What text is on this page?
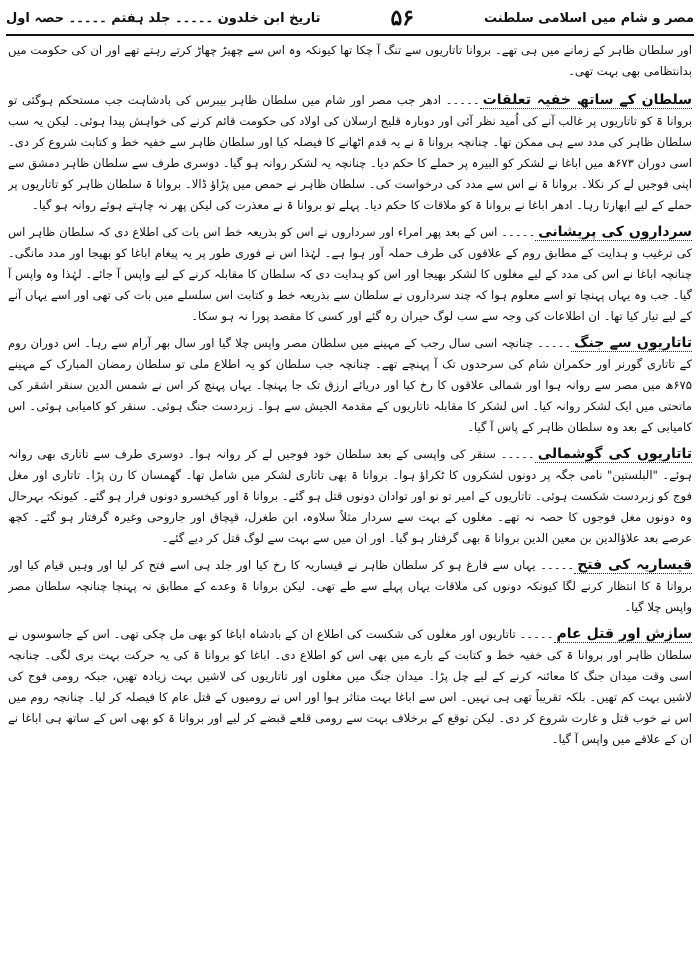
تاریخ ابن خلدون ۔۔۔۔۔ جلد ہفتم ۔۔۔۔۔ حصہ اول	۵۶	مصر و شام میں اسلامی سلطنت

اور سلطان ظاہر کے زمانے میں ہی تھے۔ بروانا تاتاریوں سے تنگ آ چکا تھا کیونکہ وہ اس سے چھیڑ چھاڑ کرتے رہتے تھے اور ان کی حکومت میں بدانتظامی بھی بہت تھی۔

سلطان کے ساتھ خفیہ تعلقات۔۔۔۔۔ ادھر جب مصر اور شام میں سلطان ظاہر بیبرس کی بادشاہت جب مستحکم ہوگئی تو بروانا ۃ کو تاتاریوں پر غالب آنے کی اُمید نظر آئی اور دوبارہ قلیج ارسلان کی اولاد کی حکومت قائم کرنے کی خواہش پیدا ہوئی۔ لیکن یہ سب سلطان ظاہر کی مدد سے ہی ممکن تھا۔ چنانچہ بروانا ۃ نے یہ قدم اٹھانے کا فیصلہ کیا اور سلطان ظاہر سے خفیہ خط و کتابت شروع کر دی۔ اسی دوران ۶۷۳ھ میں اباغا نے لشکر کو البیرہ پر حملے کا حکم دیا۔ چنانچہ یہ لشکر روانہ ہو گیا۔ دوسری طرف سے سلطان ظاہر دمشق سے اپنی فوجیں لے کر نکلا۔ بروانا ۃ نے اس سے مدد کی درخواست کی۔ سلطان ظاہر نے حمص میں پڑاؤ ڈالا۔ بروانا ۃ سلطان ظاہر کو تاتاریوں پر حملے کے لیے ابھارتا رہا۔ ادھر اباغا نے بروانا ۃ کو ملاقات کا حکم دیا۔ پہلے تو بروانا ۃ نے معذرت کی لیکن پھر نہ چاہتے ہوئے روانہ ہو گیا۔

سرداروں کی پریشانی۔۔۔۔۔ اس کے بعد پھر امراء اور سرداروں نے اس کو بذریعہ خط اس بات کی اطلاع دی کہ سلطان ظاہر اس کی ترغیب و ہدایت کے مطابق روم کے علاقوں کی طرف حملہ آور ہوا ہے۔ لہٰذا اس نے فوری طور پر یہ پیغام اباغا کو بھیجا اور مدد مانگی۔ چنانچہ اباغا نے اس کی مدد کے لیے مغلوں کا لشکر بھیجا اور اس کو ہدایت دی کہ سلطان کا مقابلہ کرنے کے لیے واپس آ جائے۔ لہٰذا وہ واپس آ گیا۔ جب وہ یہاں پہنچا تو اسے معلوم ہوا کہ چند سرداروں نے سلطان سے بذریعہ خط و کتابت اس سلسلے میں بات کی تھی اور اسے یہاں آنے کے لیے تیار کیا تھا۔ ان اطلاعات کی وجہ سے سب لوگ حیران رہ گئے اور کسی کا مقصد پورا نہ ہو سکا۔

تاتاریوں سے جنگ۔۔۔۔۔ چنانچہ اسی سال رجب کے مہینے میں سلطان مصر واپس چلا گیا اور سال بھر آرام سے رہا۔ اس دوران روم کے تاتاری گورنر اور حکمران شام کی سرحدوں تک آ پہنچے تھے۔ چنانچہ جب سلطان کو یہ اطلاع ملی تو سلطان رمضان المبارک کے مہینے ۶۷۵ھ میں مصر سے روانہ ہوا اور شمالی علاقوں کا رخ کیا اور دریائے ارزق تک جا پہنچا۔ یہاں پہنچ کر اس نے شمس الدین سنقر اشقر کی ماتحتی میں ایک لشکر روانہ کیا۔ اس لشکر کا مقابلہ تاتاریوں کے مقدمۃ الجیش سے ہوا۔ زبردست جنگ ہوئی۔ سنقر کو کامیابی ہوئی۔ اس کامیابی کے بعد وہ سلطان ظاہر کے پاس آ گیا۔

تاتاریوں کی گوشمالی۔۔۔۔۔ سنقر کی واپسی کے بعد سلطان خود فوجیں لے کر روانہ ہوا۔ دوسری طرف سے تاتاری بھی روانہ ہوئے۔ "البلستین" نامی جگہ پر دونوں لشکروں کا ٹکراؤ ہوا۔ بروانا ۃ بھی تاتاری لشکر میں شامل تھا۔ گھمسان کا رن پڑا۔ تاتاری اور مغل فوج کو زبردست شکست ہوئی۔ تاتاریوں کے امیر تو نو اور توادان دونوں قتل ہو گئے۔ بروانا ۃ اور کیخسرو دونوں فرار ہو گئے۔ کیونکہ بہرحال وہ دونوں مغل فوجوں کا حصہ نہ تھے۔ مغلوں کے بہت سے سردار مثلاً سلاوہ، ابن طغرل، قپچاق اور جاروحی وغیرہ گرفتار ہو گئے۔ کچھ عرصے بعد علاؤالدین بن معین الدین بروانا ۃ بھی گرفتار ہو گیا۔ اور ان میں سے بہت سے لوگ قتل کر دیے گئے۔

قیساریہ کی فتح۔۔۔۔۔ یہاں سے فارغ ہو کر سلطان ظاہر نے قیساریہ کا رخ کیا اور جلد ہی اسے فتح کر لیا اور وہیں قیام کیا اور بروانا ۃ کا انتظار کرنے لگا کیونکہ دونوں کی ملاقات یہاں پہلے سے طے تھی۔ لیکن بروانا ۃ وعدے کے مطابق نہ پہنچا چنانچہ سلطان مصر واپس چلا گیا۔

سازش اور قتل عام۔۔۔۔۔ تاتاریوں اور مغلوں کی شکست کی اطلاع ان کے بادشاہ اباغا کو بھی مل چکی تھی۔ اس کے جاسوسوں نے سلطان ظاہر اور بروانا ۃ کی خفیہ خط و کتابت کے بارے میں بھی اس کو اطلاع دی۔ اباغا کو بروانا ۃ کی یہ حرکت بہت بری لگی۔ چنانچہ اسی وقت میدان جنگ کا معائنہ کرنے کے لیے چل پڑا۔ میدان جنگ میں مغلوں اور تاتاریوں کی لاشیں بہت زیادہ تھیں، جبکہ رومی فوج کی لاشیں بہت کم تھیں۔ بلکہ تقریباً تھی ہی نہیں۔ اس سے اباغا بہت متاثر ہوا اور اس نے رومیوں کے قتل عام کا فیصلہ کر لیا۔ چنانچہ روم میں اس نے خوب قتل و غارت شروع کر دی۔ لیکن توقع کے برخلاف بہت سے رومی قلعے قبضے کر لیے اور بروانا ۃ کو بھی اس کے ساتھ ہی اباغا نے ان کے علاقے میں واپس آ گیا۔
